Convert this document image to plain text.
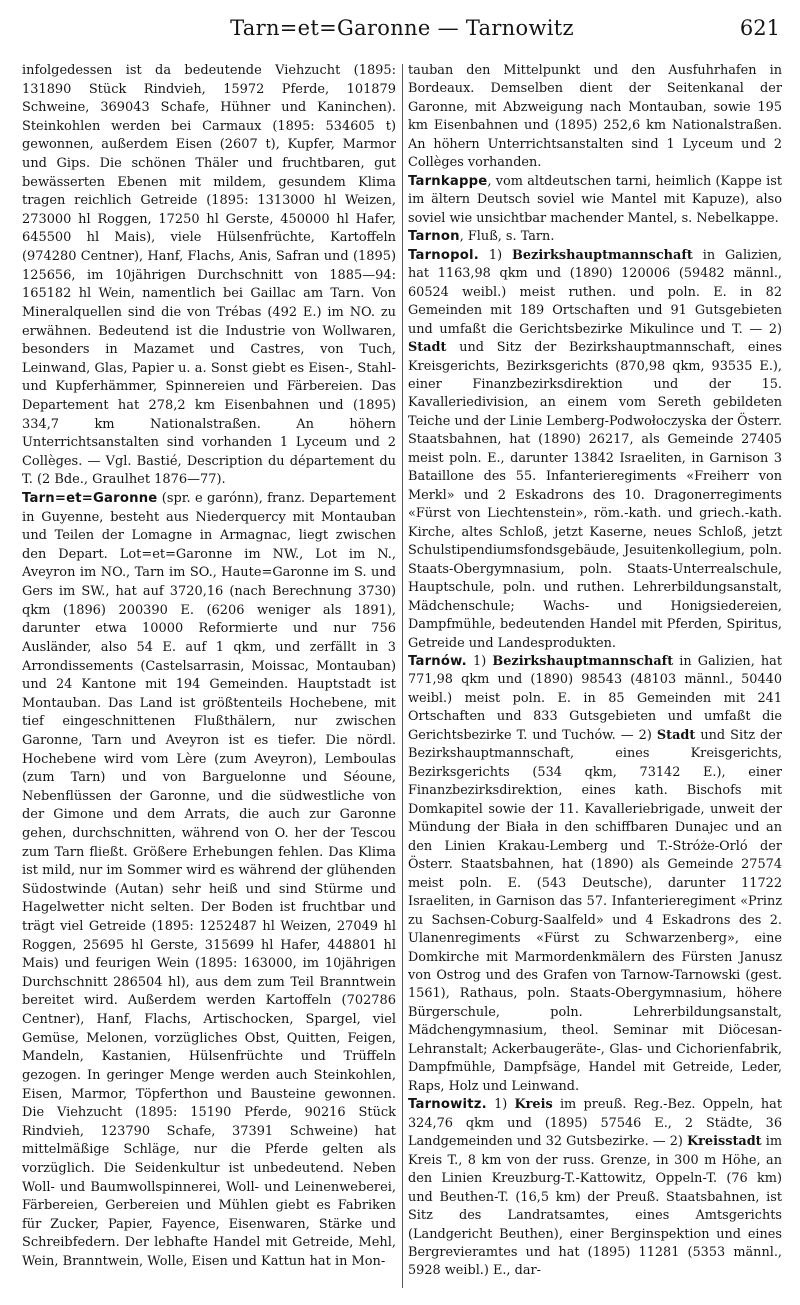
Tarn=et=Garonne — Tarnowitz	621

infolgedessen ist da bedeutende Viehzucht (1895: 131890 Stück Rindvieh, 15972 Pferde, 101879 Schweine, 369043 Schafe, Hühner und Kaninchen). Steinkohlen werden bei Carmaux (1895: 534605 t) gewonnen, außerdem Eisen (2607 t), Kupfer, Marmor und Gips. Die schönen Thäler und fruchtbaren, gut bewässerten Ebenen mit mildem, gesundem Klima tragen reichlich Getreide (1895: 1313000 hl Weizen, 273000 hl Roggen, 17250 hl Gerste, 450000 hl Hafer, 645500 hl Mais), viele Hülsenfrüchte, Kartoffeln (974280 Centner), Hanf, Flachs, Anis, Safran und (1895) 125656, im 10jährigen Durchschnitt von 1885—94: 165182 hl Wein, namentlich bei Gaillac am Tarn. Von Mineralquellen sind die von Trébas (492 E.) im NO. zu erwähnen. Bedeutend ist die Industrie von Wollwaren, besonders in Mazamet und Castres, von Tuch, Leinwand, Glas, Papier u. a. Sonst giebt es Eisen-, Stahl- und Kupferhämmer, Spinnereien und Färbereien. Das Departement hat 278,2 km Eisenbahnen und (1895) 334,7 km Nationalstraßen. An höhern Unterrichtsanstalten sind vorhanden 1 Lyceum und 2 Collèges. — Vgl. Bastié, Description du département du T. (2 Bde., Graulhet 1876—77).

Tarn=et=Garonne (spr. e garónn), franz. Departement in Guyenne, besteht aus Niederquercy mit Montauban und Teilen der Lomagne in Armagnac, liegt zwischen den Depart. Lot=et=Garonne im NW., Lot im N., Aveyron im NO., Tarn im SO., Haute=Garonne im S. und Gers im SW., hat auf 3720,16 (nach Berechnung 3730) qkm (1896) 200390 E. (6206 weniger als 1891), darunter etwa 10000 Reformierte und nur 756 Ausländer, also 54 E. auf 1 qkm, und zerfällt in 3 Arrondissements (Castelsarrasin, Moissac, Montauban) und 24 Kantone mit 194 Gemeinden. Hauptstadt ist Montauban. Das Land ist größtenteils Hochebene, mit tief eingeschnittenen Flußthälern, nur zwischen Garonne, Tarn und Aveyron ist es tiefer. Die nördl. Hochebene wird vom Lère (zum Aveyron), Lemboulas (zum Tarn) und von Barguelonne und Séoune, Nebenflüssen der Garonne, und die südwestliche von der Gimone und dem Arrats, die auch zur Garonne gehen, durchschnitten, während von O. her der Tescou zum Tarn fließt. Größere Erhebungen fehlen. Das Klima ist mild, nur im Sommer wird es während der glühenden Südostwinde (Autan) sehr heiß und sind Stürme und Hagelwetter nicht selten. Der Boden ist fruchtbar und trägt viel Getreide (1895: 1252487 hl Weizen, 27049 hl Roggen, 25695 hl Gerste, 315699 hl Hafer, 448801 hl Mais) und feurigen Wein (1895: 163000, im 10jährigen Durchschnitt 286504 hl), aus dem zum Teil Branntwein bereitet wird. Außerdem werden Kartoffeln (702786 Centner), Hanf, Flachs, Artischocken, Spargel, viel Gemüse, Melonen, vorzügliches Obst, Quitten, Feigen, Mandeln, Kastanien, Hülsenfrüchte und Trüffeln gezogen. In geringer Menge werden auch Steinkohlen, Eisen, Marmor, Töpferthon und Bausteine gewonnen. Die Viehzucht (1895: 15190 Pferde, 90216 Stück Rindvieh, 123790 Schafe, 37391 Schweine) hat mittelmäßige Schläge, nur die Pferde gelten als vorzüglich. Die Seidenkultur ist unbedeutend. Neben Woll- und Baumwollspinnerei, Woll- und Leinenweberei, Färbereien, Gerbereien und Mühlen giebt es Fabriken für Zucker, Papier, Fayence, Eisenwaren, Stärke und Schreibfedern. Der lebhafte Handel mit Getreide, Mehl, Wein, Branntwein, Wolle, Eisen und Kattun hat in Mon-

tauban den Mittelpunkt und den Ausfuhrhafen in Bordeaux. Demselben dient der Seitenkanal der Garonne, mit Abzweigung nach Montauban, sowie 195 km Eisenbahnen und (1895) 252,6 km Nationalstraßen. An höhern Unterrichtsanstalten sind 1 Lyceum und 2 Collèges vorhanden.

Tarnkappe, vom altdeutschen tarni, heimlich (Kappe ist im ältern Deutsch soviel wie Mantel mit Kapuze), also soviel wie unsichtbar machender Mantel, s. Nebelkappe.

Tarnon, Fluß, s. Tarn.

Tarnopol. 1) Bezirkshauptmannschaft in Galizien, hat 1163,98 qkm und (1890) 120006 (59482 männl., 60524 weibl.) meist ruthen. und poln. E. in 82 Gemeinden mit 189 Ortschaften und 91 Gutsgebieten und umfaßt die Gerichtsbezirke Mikulince und T. — 2) Stadt und Sitz der Bezirkshauptmannschaft, eines Kreisgerichts, Bezirksgerichts (870,98 qkm, 93535 E.), einer Finanzbezirksdirektion und der 15. Kavalleriedivision, an einem vom Sereth gebildeten Teiche und der Linie Lemberg-Podwołoczyska der Österr. Staatsbahnen, hat (1890) 26217, als Gemeinde 27405 meist poln. E., darunter 13842 Israeliten, in Garnison 3 Bataillone des 55. Infanterieregiments «Freiherr von Merkl» und 2 Eskadrons des 10. Dragonerregiments «Fürst von Liechtenstein», röm.-kath. und griech.-kath. Kirche, altes Schloß, jetzt Kaserne, neues Schloß, jetzt Schulstipendiumsfondsgebäude, Jesuitenkollegium, poln. Staats-Obergymnasium, poln. Staats-Unterrealschule, Hauptschule, poln. und ruthen. Lehrerbildungsanstalt, Mädchenschule; Wachs- und Honigsiedereien, Dampfmühle, bedeutenden Handel mit Pferden, Spiritus, Getreide und Landesprodukten.

Tarnów. 1) Bezirkshauptmannschaft in Galizien, hat 771,98 qkm und (1890) 98543 (48103 männl., 50440 weibl.) meist poln. E. in 85 Gemeinden mit 241 Ortschaften und 833 Gutsgebieten und umfaßt die Gerichtsbezirke T. und Tuchów. — 2) Stadt und Sitz der Bezirkshauptmannschaft, eines Kreisgerichts, Bezirksgerichts (534 qkm, 73142 E.), einer Finanzbezirksdirektion, eines kath. Bischofs mit Domkapitel sowie der 11. Kavalleriebrigade, unweit der Mündung der Biała in den schiffbaren Dunajec und an den Linien Krakau-Lemberg und T.-Stróże-Orló der Österr. Staatsbahnen, hat (1890) als Gemeinde 27574 meist poln. E. (543 Deutsche), darunter 11722 Israeliten, in Garnison das 57. Infanterieregiment «Prinz zu Sachsen-Coburg-Saalfeld» und 4 Eskadrons des 2. Ulanenregiments «Fürst zu Schwarzenberg», eine Domkirche mit Marmordenkmälern des Fürsten Janusz von Ostrog und des Grafen von Tarnow-Tarnowski (gest. 1561), Rathaus, poln. Staats-Obergymnasium, höhere Bürgerschule, poln. Lehrerbildungsanstalt, Mädchengymnasium, theol. Seminar mit Diöcesan-Lehranstalt; Ackerbaugeräte-, Glas- und Cichorienfabrik, Dampfmühle, Dampfsäge, Handel mit Getreide, Leder, Raps, Holz und Leinwand.

Tarnowitz. 1) Kreis im preuß. Reg.-Bez. Oppeln, hat 324,76 qkm und (1895) 57546 E., 2 Städte, 36 Landgemeinden und 32 Gutsbezirke. — 2) Kreisstadt im Kreis T., 8 km von der russ. Grenze, in 300 m Höhe, an den Linien Kreuzburg-T.-Kattowitz, Oppeln-T. (76 km) und Beuthen-T. (16,5 km) der Preuß. Staatsbahnen, ist Sitz des Landratsamtes, eines Amtsgerichts (Landgericht Beuthen), einer Berginspektion und eines Bergrevieramtes und hat (1895) 11281 (5353 männl., 5928 weibl.) E., dar-
